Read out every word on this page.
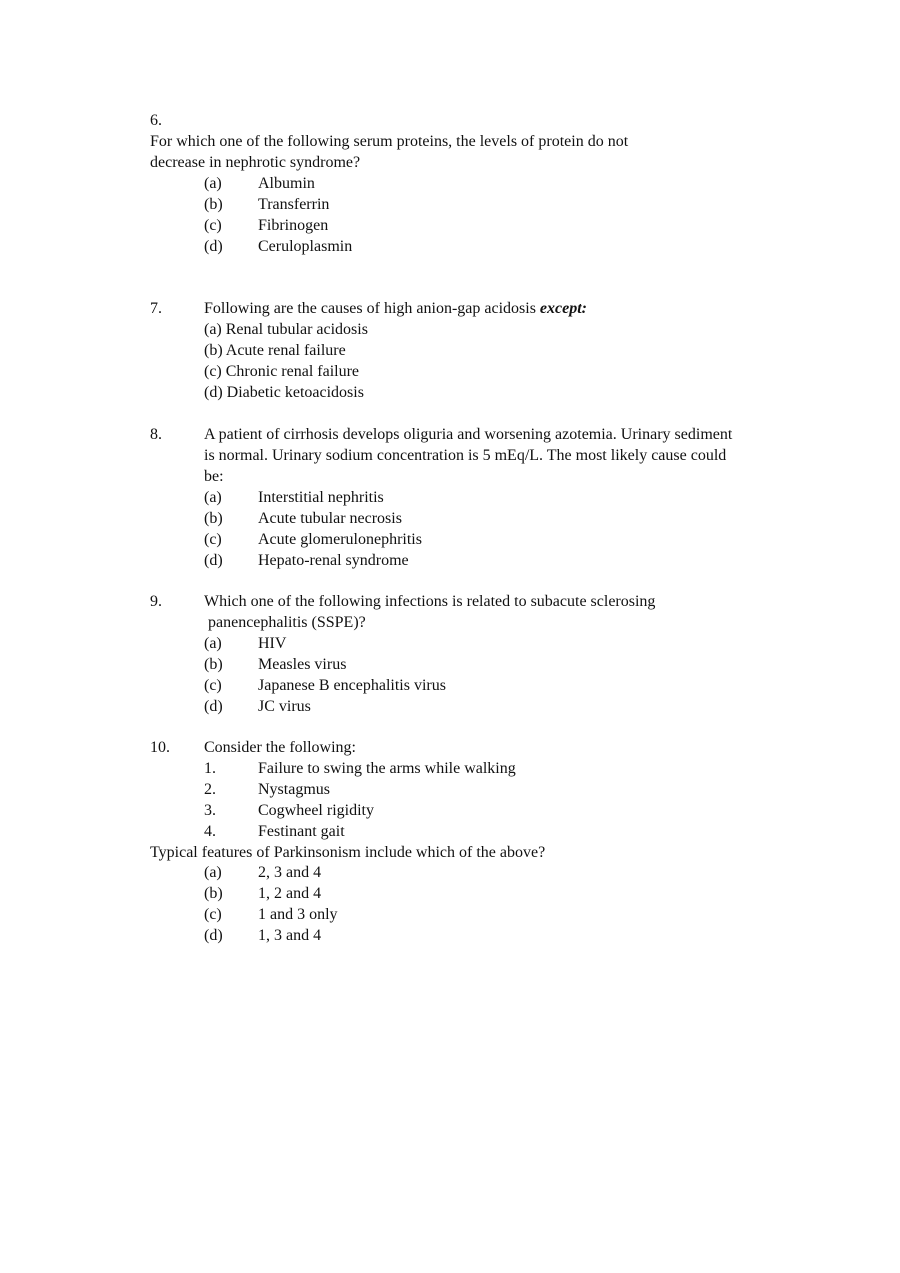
6.
For which one of the following serum proteins, the levels of protein do not
decrease in nephrotic syndrome?
(a) Albumin
(b) Transferrin
(c) Fibrinogen
(d) Ceruloplasmin
7.	Following are the causes of high anion-gap acidosis except:
(a) Renal tubular acidosis
(b) Acute renal failure
(c) Chronic renal failure
(d) Diabetic ketoacidosis
8.	A patient of cirrhosis develops oliguria and worsening azotemia. Urinary sediment
is normal. Urinary sodium concentration is 5 mEq/L. The most likely cause could
be:
(a) Interstitial nephritis
(b) Acute tubular necrosis
(c) Acute glomerulonephritis
(d) Hepato-renal syndrome
9.	Which one of the following infections is related to subacute sclerosing
panencephalitis (SSPE)?
(a) HIV
(b) Measles virus
(c) Japanese B encephalitis virus
(d) JC virus
10. Consider the following:
1.	Failure to swing the arms while walking
2.	Nystagmus
3.	Cogwheel rigidity
4.	Festinant gait
Typical features of Parkinsonism include which of the above?
(a) 2, 3 and 4
(b) 1, 2 and 4
(c) 1 and 3 only
(d) 1, 3 and 4
